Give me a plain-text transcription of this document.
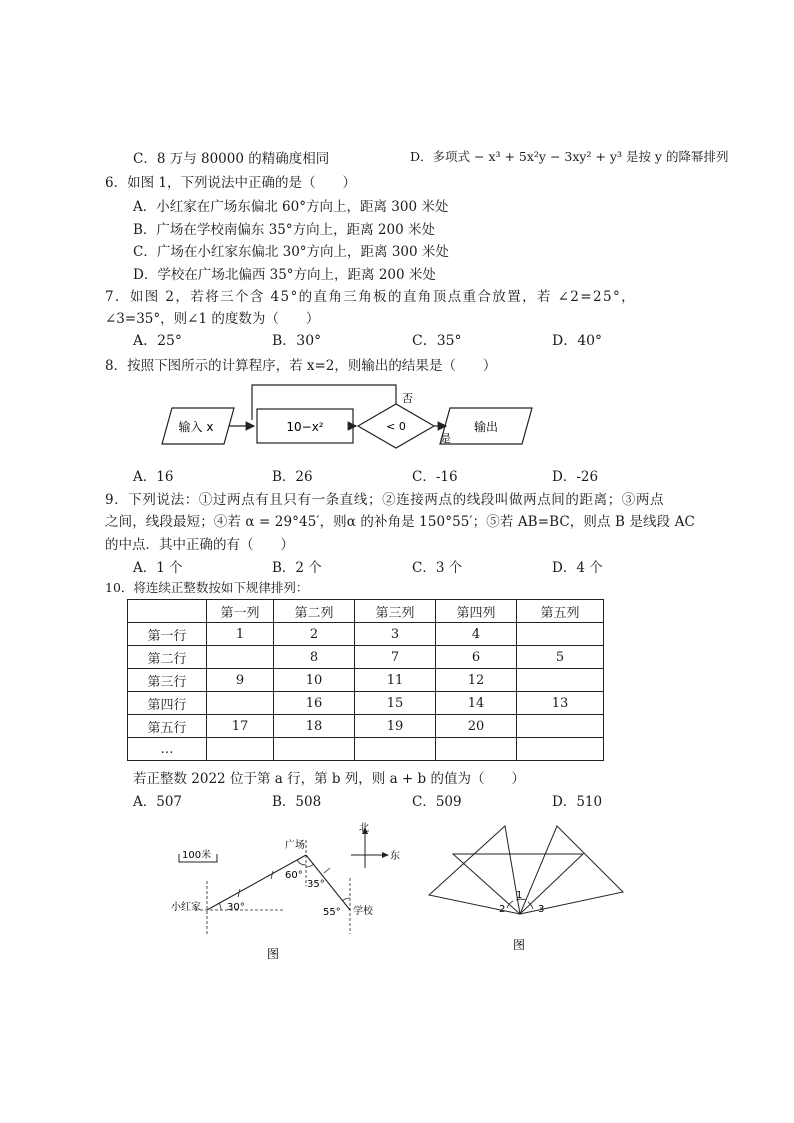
C．8 万与 80000 的精确度相同	D．多项式 − x³ + 5x²y − 3xy² + y³ 是按 y 的降幂排列
6．如图 1，下列说法中正确的是（　　）
A．小红家在广场东偏北 60°方向上，距离 300 米处
B．广场在学校南偏东 35°方向上，距离 200 米处
C．广场在小红家东偏北 30°方向上，距离 300 米处
D．学校在广场北偏西 35°方向上，距离 200 米处
7．如图 2，若将三个含 45°的直角三角板的直角顶点重合放置，若 ∠2=25°，
∠3=35°，则∠1 的度数为（　　）
A．25°	B．30°	C．35°	D．40°
8．按照下图所示的计算程序，若 x=2，则输出的结果是（　　）
输入 x	10−x²	< 0
否
是
输出
A．16	B．26	C．-16	D．-26
9．下列说法：①过两点有且只有一条直线；②连接两点的线段叫做两点间的距离；③两点
之间，线段最短；④若 α = 29°45′，则α 的补角是 150°55′；⑤若 AB=BC，则点 B 是线段 AC
的中点．其中正确的有（　　）
A．1 个	B．2 个	C．3 个	D．4 个
10．将连续正整数按如下规律排列：
	第一列	第二列	第三列	第四列	第五列
第一行	1	2	3	4	
第二行		8	7	6	5
第三行	9	10	11	12	
第四行		16	15	14	13
第五行	17	18	19	20	
…					
若正整数 2022 位于第 a 行，第 b 列，则 a + b 的值为（　　）
A．507	B．508	C．509	D．510
100米
北
东
广场
小红家	学校
60°
35°
30°	55°
图
1
2	3
图
